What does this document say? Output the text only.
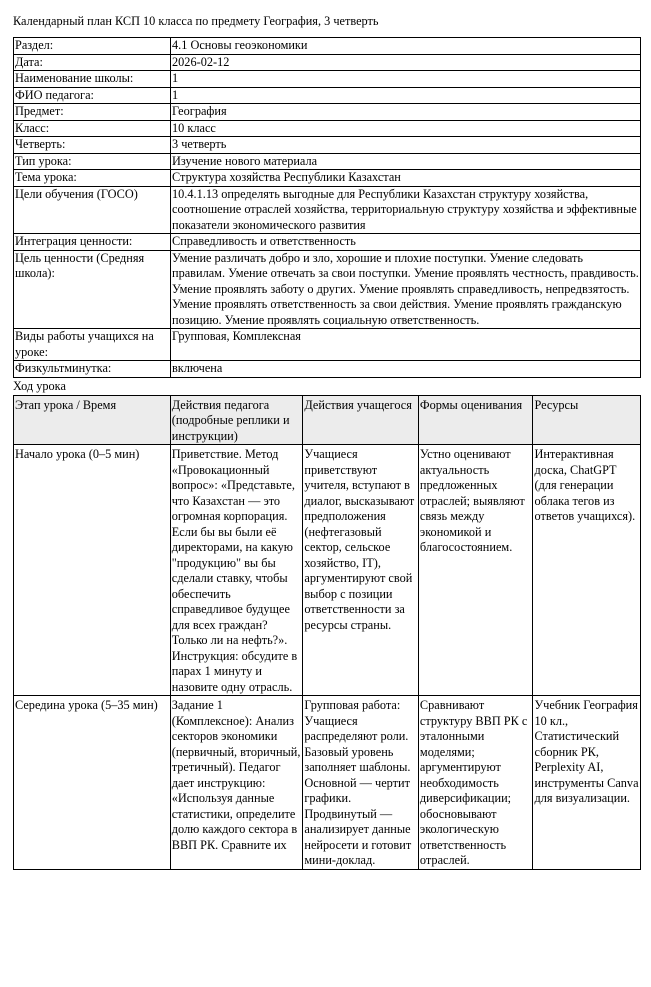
Календарный план КСП 10 класса по предмету География, 3 четверть
Раздел:	4.1 Основы геоэкономики
Дата:	2026-02-12
Наименование школы:	1
ФИО педагога:	1
Предмет:	География
Класс:	10 класс
Четверть:	3 четверть
Тип урока:	Изучение нового материала
Тема урока:	Структура хозяйства Республики Казахстан
Цели обучения (ГОСО)	10.4.1.13 определять выгодные для Республики Казахстан структуру хозяйства, соотношение отраслей хозяйства, территориальную структуру хозяйства и эффективные показатели экономического развития
Интеграция ценности:	Справедливость и ответственность
Цель ценности (Средняя школа):	Умение различать добро и зло, хорошие и плохие поступки. Умение следовать правилам. Умение отвечать за свои поступки. Умение проявлять честность, правдивость. Умение проявлять заботу о других. Умение проявлять справедливость, непредвзятость. Умение проявлять ответственность за свои действия. Умение проявлять гражданскую позицию. Умение проявлять социальную ответственность.
Виды работы учащихся на уроке:	Групповая, Комплексная
Физкультминутка:	включена
Ход урока
Этап урока / Время	Действия педагога (подробные реплики и инструкции)	Действия учащегося	Формы оценивания	Ресурсы
Начало урока (0–5 мин)	Приветствие. Метод «Провокационный вопрос»: «Представьте, что Казахстан — это огромная корпорация. Если бы вы были её директорами, на какую "продукцию" вы бы сделали ставку, чтобы обеспечить справедливое будущее для всех граждан? Только ли на нефть?». Инструкция: обсудите в парах 1 минуту и назовите одну отрасль.	Учащиеся приветствуют учителя, вступают в диалог, высказывают предположения (нефтегазовый сектор, сельское хозяйство, IT), аргументируют свой выбор с позиции ответственности за ресурсы страны.	Устно оценивают актуальность предложенных отраслей; выявляют связь между экономикой и благосостоянием.	Интерактивная доска, ChatGPT (для генерации облака тегов из ответов учащихся).
Середина урока (5–35 мин)	Задание 1 (Комплексное): Анализ секторов экономики (первичный, вторичный, третичный). Педагог дает инструкцию: «Используя данные статистики, определите долю каждого сектора в ВВП РК. Сравните их	Групповая работа: Учащиеся распределяют роли. Базовый уровень заполняет шаблоны. Основной — чертит графики. Продвинутый — анализирует данные нейросети и готовит мини-доклад.	Сравнивают структуру ВВП РК с эталонными моделями; аргументируют необходимость диверсификации; обосновывают экологическую ответственность отраслей.	Учебник География 10 кл., Статистический сборник РК, Perplexity AI, инструменты Canva для визуализации.
